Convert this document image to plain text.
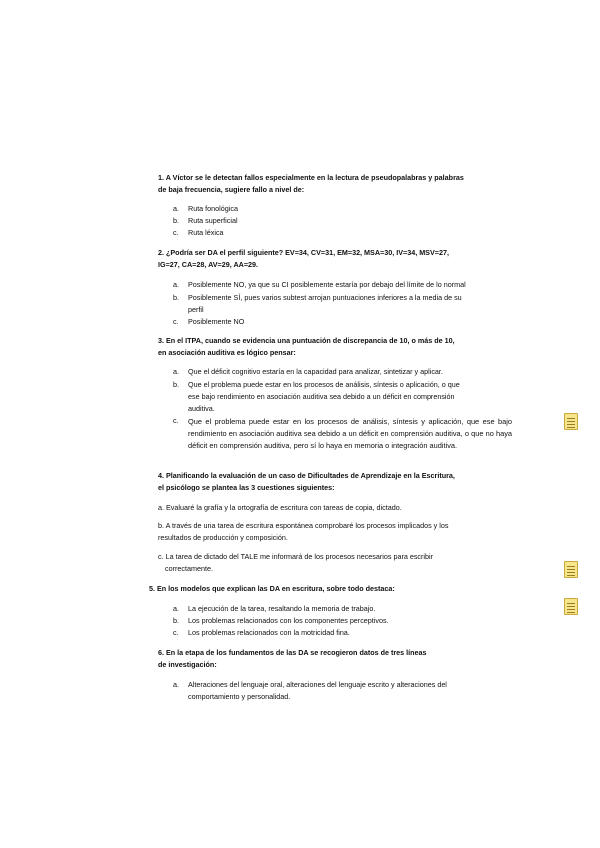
1. A Víctor se le detectan fallos especialmente en la lectura de pseudopalabras y palabras
de baja frecuencia, sugiere fallo a nivel de:
a. Ruta fonológica
b. Ruta superficial
c. Ruta léxica
2. ¿Podría ser DA el perfil siguiente? EV=34, CV=31, EM=32, MSA=30, IV=34, MSV=27,
IG=27, CA=28, AV=29, AA=29.
a. Posiblemente NO, ya que su CI posiblemente estaría por debajo del límite de lo normal
b. Posiblemente SÍ, pues varios subtest arrojan puntuaciones inferiores a la media de su
perfil
c. Posiblemente NO
3. En el ITPA, cuando se evidencia una puntuación de discrepancia de 10, o más de 10,
en asociación auditiva es lógico pensar:
a. Que el déficit cognitivo estaría en la capacidad para analizar, sintetizar y aplicar.
b. Que el problema puede estar en los procesos de análisis, síntesis o aplicación, o que
ese bajo rendimiento en asociación auditiva sea debido a un déficit en comprensión
auditiva.
c. Que el problema puede estar en los procesos de análisis, síntesis y aplicación, que ese bajo rendimiento en asociación auditiva sea debido a un déficit en comprensión auditiva, o que no haya déficit en comprensión auditiva, pero sí lo haya en memoria o integración auditiva.
4. Planificando la evaluación de un caso de Dificultades de Aprendizaje en la Escritura,
el psicólogo se plantea las 3 cuestiones siguientes:
a. Evaluaré la grafía y la ortografía de escritura con tareas de copia, dictado.
b. A través de una tarea de escritura espontánea comprobaré los procesos implicados y los
resultados de producción y composición.
c. La tarea de dictado del TALE me informará de los procesos necesarios para escribir
correctamente.
5. En los modelos que explican las DA en escritura, sobre todo destaca:
a. La ejecución de la tarea, resaltando la memoria de trabajo.
b. Los problemas relacionados con los componentes perceptivos.
c. Los problemas relacionados con la motricidad fina.
6. En la etapa de los fundamentos de las DA se recogieron datos de tres líneas
de investigación:
a. Alteraciones del lenguaje oral, alteraciones del lenguaje escrito y alteraciones del
comportamiento y personalidad.
